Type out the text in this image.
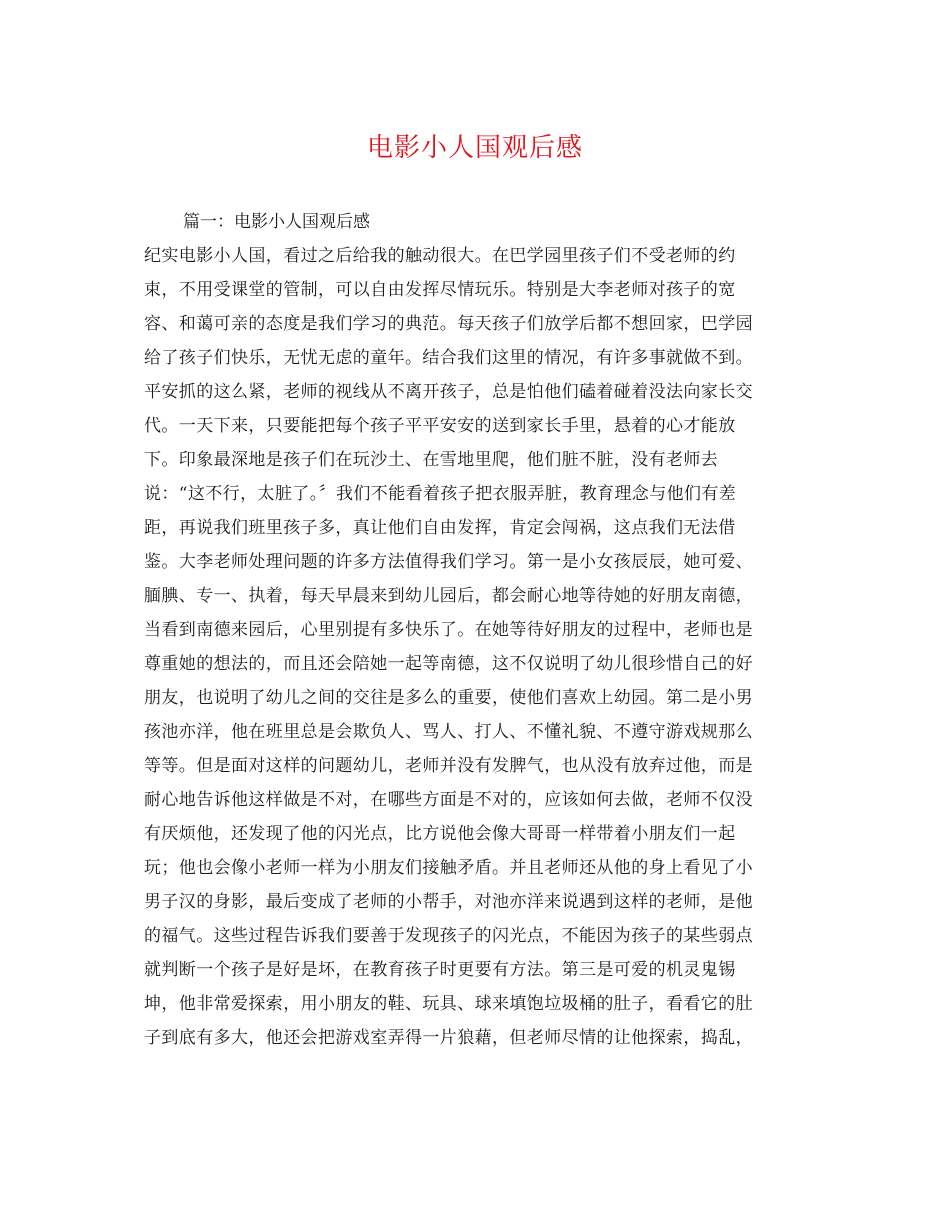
电影小人国观后感

篇一：电影小人国观后感

纪实电影小人国，看过之后给我的触动很大。在巴学园里孩子们不受老师的约
束，不用受课堂的管制，可以自由发挥尽情玩乐。特别是大李老师对孩子的宽
容、和蔼可亲的态度是我们学习的典范。每天孩子们放学后都不想回家，巴学园
给了孩子们快乐，无忧无虑的童年。结合我们这里的情况，有许多事就做不到。
平安抓的这么紧，老师的视线从不离开孩子，总是怕他们磕着碰着没法向家长交
代。一天下来，只要能把每个孩子平平安安的送到家长手里，悬着的心才能放
下。印象最深地是孩子们在玩沙土、在雪地里爬，他们脏不脏，没有老师去
说：“这不行，太脏了。〞我们不能看着孩子把衣服弄脏，教育理念与他们有差
距，再说我们班里孩子多，真让他们自由发挥，肯定会闯祸，这点我们无法借
鉴。大李老师处理问题的许多方法值得我们学习。第一是小女孩辰辰，她可爱、
腼腆、专一、执着，每天早晨来到幼儿园后，都会耐心地等待她的好朋友南德，
当看到南德来园后，心里别提有多快乐了。在她等待好朋友的过程中，老师也是
尊重她的想法的，而且还会陪她一起等南德，这不仅说明了幼儿很珍惜自己的好
朋友，也说明了幼儿之间的交往是多么的重要，使他们喜欢上幼园。第二是小男
孩池亦洋，他在班里总是会欺负人、骂人、打人、不懂礼貌、不遵守游戏规那么
等等。但是面对这样的问题幼儿，老师并没有发脾气，也从没有放弃过他，而是
耐心地告诉他这样做是不对，在哪些方面是不对的，应该如何去做，老师不仅没
有厌烦他，还发现了他的闪光点，比方说他会像大哥哥一样带着小朋友们一起
玩；他也会像小老师一样为小朋友们接触矛盾。并且老师还从他的身上看见了小
男子汉的身影，最后变成了老师的小帮手，对池亦洋来说遇到这样的老师，是他
的福气。这些过程告诉我们要善于发现孩子的闪光点，不能因为孩子的某些弱点
就判断一个孩子是好是坏，在教育孩子时更要有方法。第三是可爱的机灵鬼锡
坤，他非常爱探索，用小朋友的鞋、玩具、球来填饱垃圾桶的肚子，看看它的肚
子到底有多大，他还会把游戏室弄得一片狼藉，但老师尽情的让他探索，捣乱，
